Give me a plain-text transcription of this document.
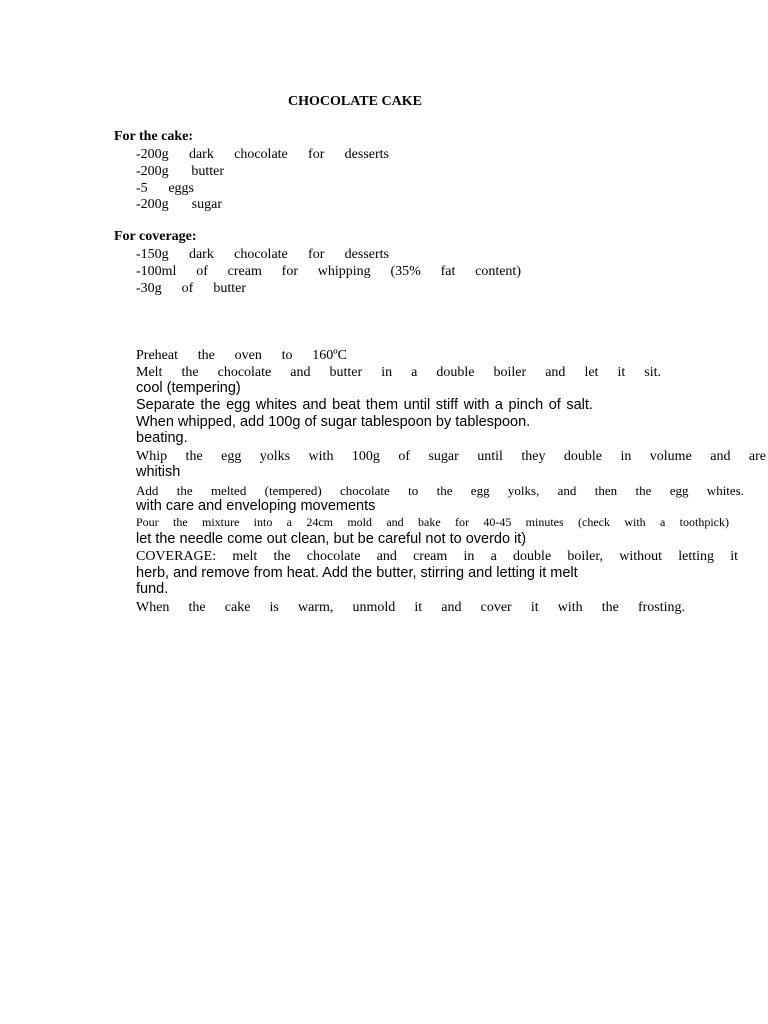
CHOCOLATE CAKE
For the cake:
-200g dark chocolate for desserts
-200g butter
-5 eggs
-200g sugar
For coverage:
-150g dark chocolate for desserts
-100ml of cream for whipping (35% fat content)
-30g of butter
Preheat the oven to 160ºC
Melt the chocolate and butter in a double boiler and let it sit.
cool (tempering)
Separate the egg whites and beat them until stiff with a pinch of salt.
When whipped, add 100g of sugar tablespoon by tablespoon.
beating.
Whip the egg yolks with 100g of sugar until they double in volume and are
whitish
Add the melted (tempered) chocolate to the egg yolks, and then the egg whites.
with care and enveloping movements
Pour the mixture into a 24cm mold and bake for 40-45 minutes (check with a toothpick)
let the needle come out clean, but be careful not to overdo it)
COVERAGE: melt the chocolate and cream in a double boiler, without letting it
herb, and remove from heat. Add the butter, stirring and letting it melt
fund.
When the cake is warm, unmold it and cover it with the frosting.
